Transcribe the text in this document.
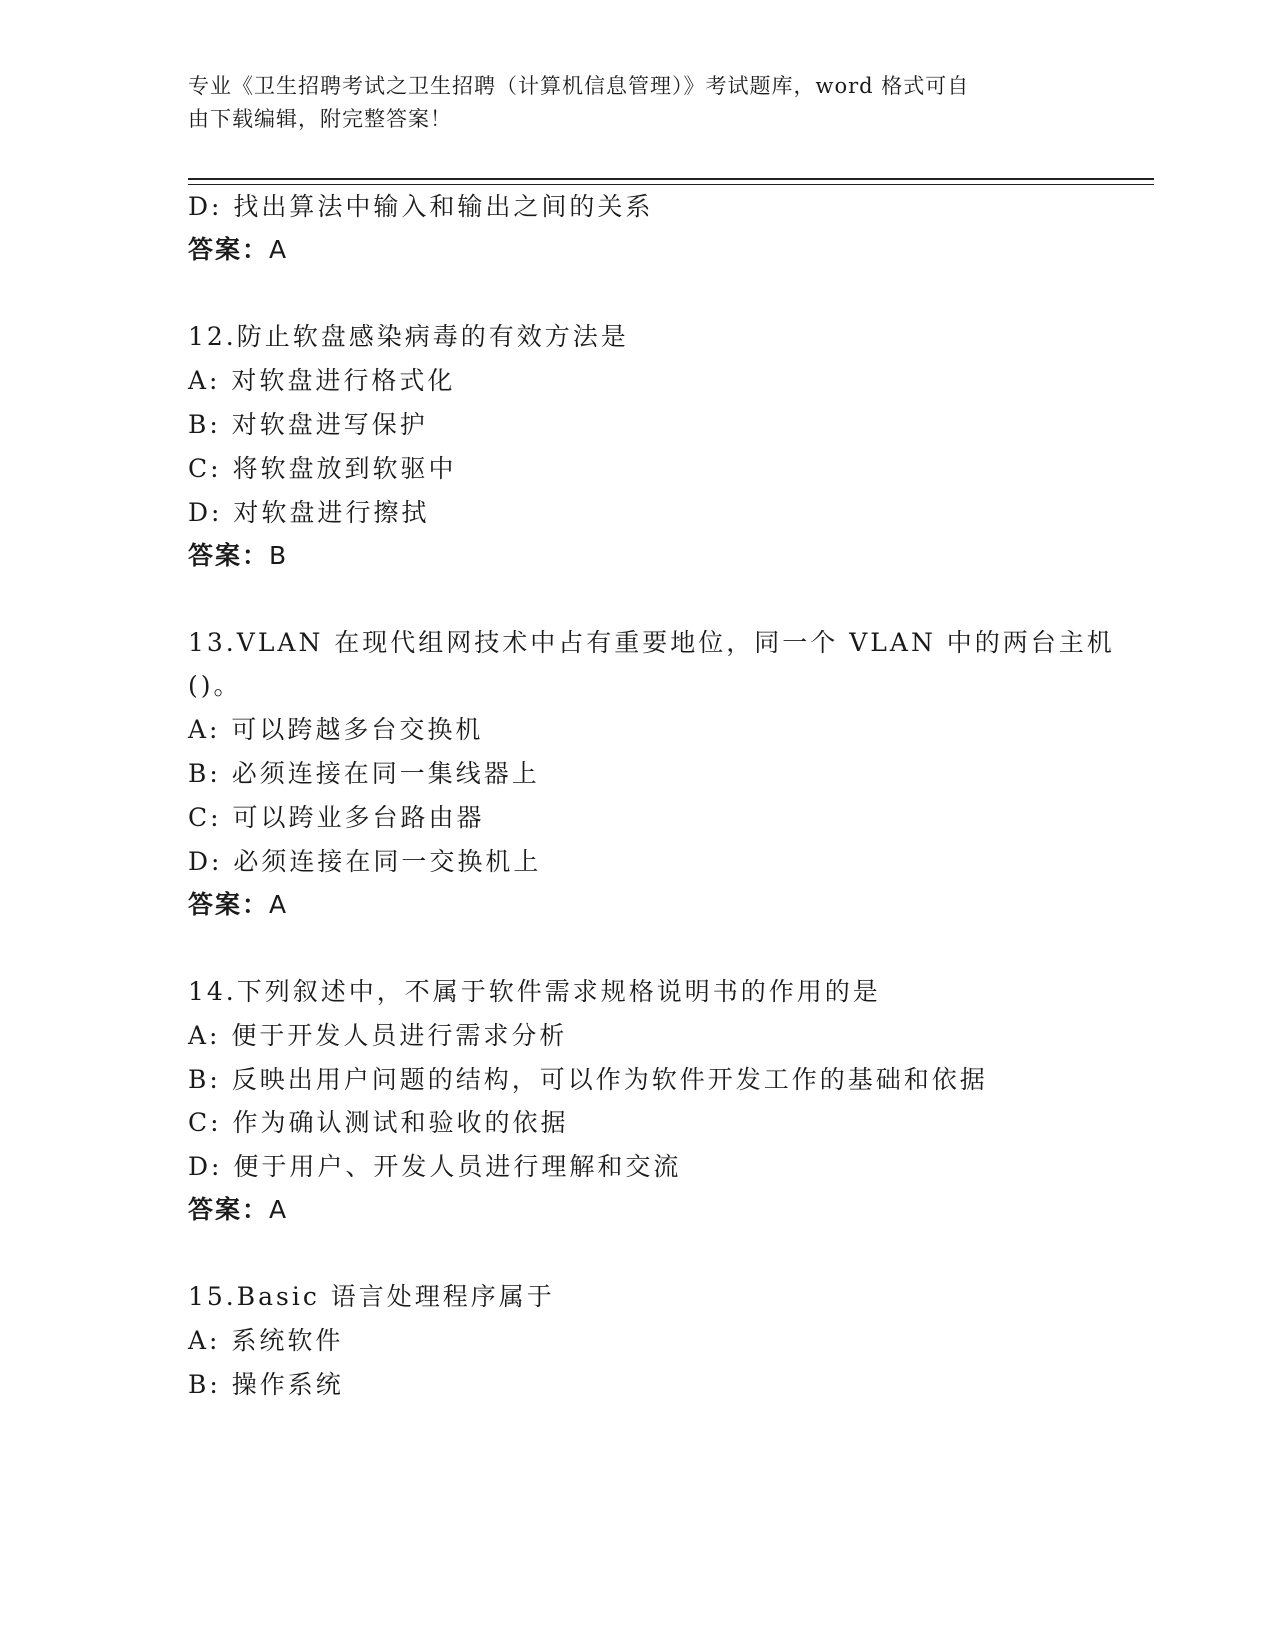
专业《卫生招聘考试之卫生招聘（计算机信息管理）》考试题库，word 格式可自
由下载编辑，附完整答案！
D: 找出算法中输入和输出之间的关系
答案：A
12.防止软盘感染病毒的有效方法是
A: 对软盘进行格式化
B: 对软盘进写保护
C: 将软盘放到软驱中
D: 对软盘进行擦拭
答案：B
13.VLAN 在现代组网技术中占有重要地位，同一个 VLAN 中的两台主机
()。
A: 可以跨越多台交换机
B: 必须连接在同一集线器上
C: 可以跨业多台路由器
D: 必须连接在同一交换机上
答案：A
14.下列叙述中，不属于软件需求规格说明书的作用的是
A: 便于开发人员进行需求分析
B: 反映出用户问题的结构，可以作为软件开发工作的基础和依据
C: 作为确认测试和验收的依据
D: 便于用户、开发人员进行理解和交流
答案：A
15.Basic 语言处理程序属于
A: 系统软件
B: 操作系统
